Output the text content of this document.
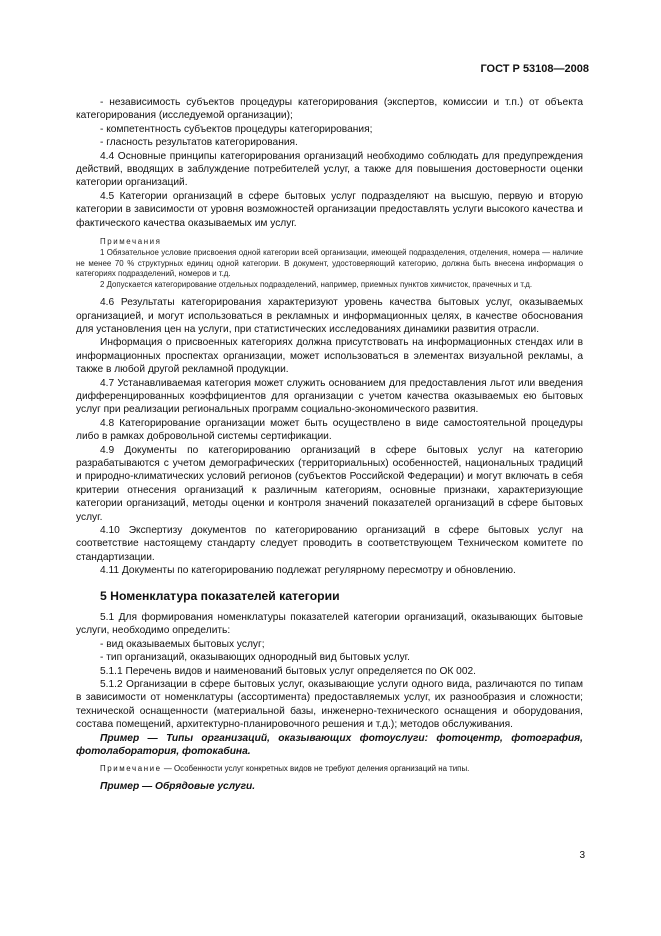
ГОСТ Р 53108—2008

- независимость субъектов процедуры категорирования (экспертов, комиссии и т.п.) от объекта категорирования (исследуемой организации);

- компетентность субъектов процедуры категорирования;

- гласность результатов категорирования.

4.4 Основные принципы категорирования организаций необходимо соблюдать для предупреждения действий, вводящих в заблуждение потребителей услуг, а также для повышения достоверности оценки категории организаций.

4.5 Категории организаций в сфере бытовых услуг подразделяют на высшую, первую и вторую категории в зависимости от уровня возможностей организации предоставлять услуги высокого качества и фактического качества оказываемых им услуг.

Примечания

1 Обязательное условие присвоения одной категории всей организации, имеющей подразделения, отделения, номера — наличие не менее 70 % структурных единиц одной категории. В документ, удостоверяющий категорию, должна быть внесена информация о категориях подразделений, номеров и т.д.

2 Допускается категорирование отдельных подразделений, например, приемных пунктов химчисток, прачечных и т.д.

4.6 Результаты категорирования характеризуют уровень качества бытовых услуг, оказываемых организацией, и могут использоваться в рекламных и информационных целях, в качестве обоснования для установления цен на услуги, при статистических исследованиях динамики развития отрасли.

Информация о присвоенных категориях должна присутствовать на информационных стендах или в информационных проспектах организации, может использоваться в элементах визуальной рекламы, а также в любой другой рекламной продукции.

4.7 Устанавливаемая категория может служить основанием для предоставления льгот или введения дифференцированных коэффициентов для организации с учетом качества оказываемых ею бытовых услуг при реализации региональных программ социально-экономического развития.

4.8 Категорирование организации может быть осуществлено в виде самостоятельной процедуры либо в рамках добровольной системы сертификации.

4.9 Документы по категорированию организаций в сфере бытовых услуг на категорию разрабатываются с учетом демографических (территориальных) особенностей, национальных традиций и природно-климатических условий регионов (субъектов Российской Федерации) и могут включать в себя критерии отнесения организаций к различным категориям, основные признаки, характеризующие категории организаций, методы оценки и контроля значений показателей организаций в сфере бытовых услуг.

4.10 Экспертизу документов по категорированию организаций в сфере бытовых услуг на соответствие настоящему стандарту следует проводить в соответствующем Техническом комитете по стандартизации.

4.11 Документы по категорированию подлежат регулярному пересмотру и обновлению.

5 Номенклатура показателей категории

5.1 Для формирования номенклатуры показателей категории организаций, оказывающих бытовые услуги, необходимо определить:

- вид оказываемых бытовых услуг;

- тип организаций, оказывающих однородный вид бытовых услуг.

5.1.1 Перечень видов и наименований бытовых услуг определяется по ОК 002.

5.1.2 Организации в сфере бытовых услуг, оказывающие услуги одного вида, различаются по типам в зависимости от номенклатуры (ассортимента) предоставляемых услуг, их разнообразия и сложности; технической оснащенности (материальной базы, инженерно-технического оснащения и оборудования, состава помещений, архитектурно-планировочного решения и т.д.); методов обслуживания.

Пример — Типы организаций, оказывающих фотоуслуги: фотоцентр, фотография, фотолаборатория, фотокабина.

Примечание — Особенности услуг конкретных видов не требуют деления организаций на типы.

Пример — Обрядовые услуги.

3
